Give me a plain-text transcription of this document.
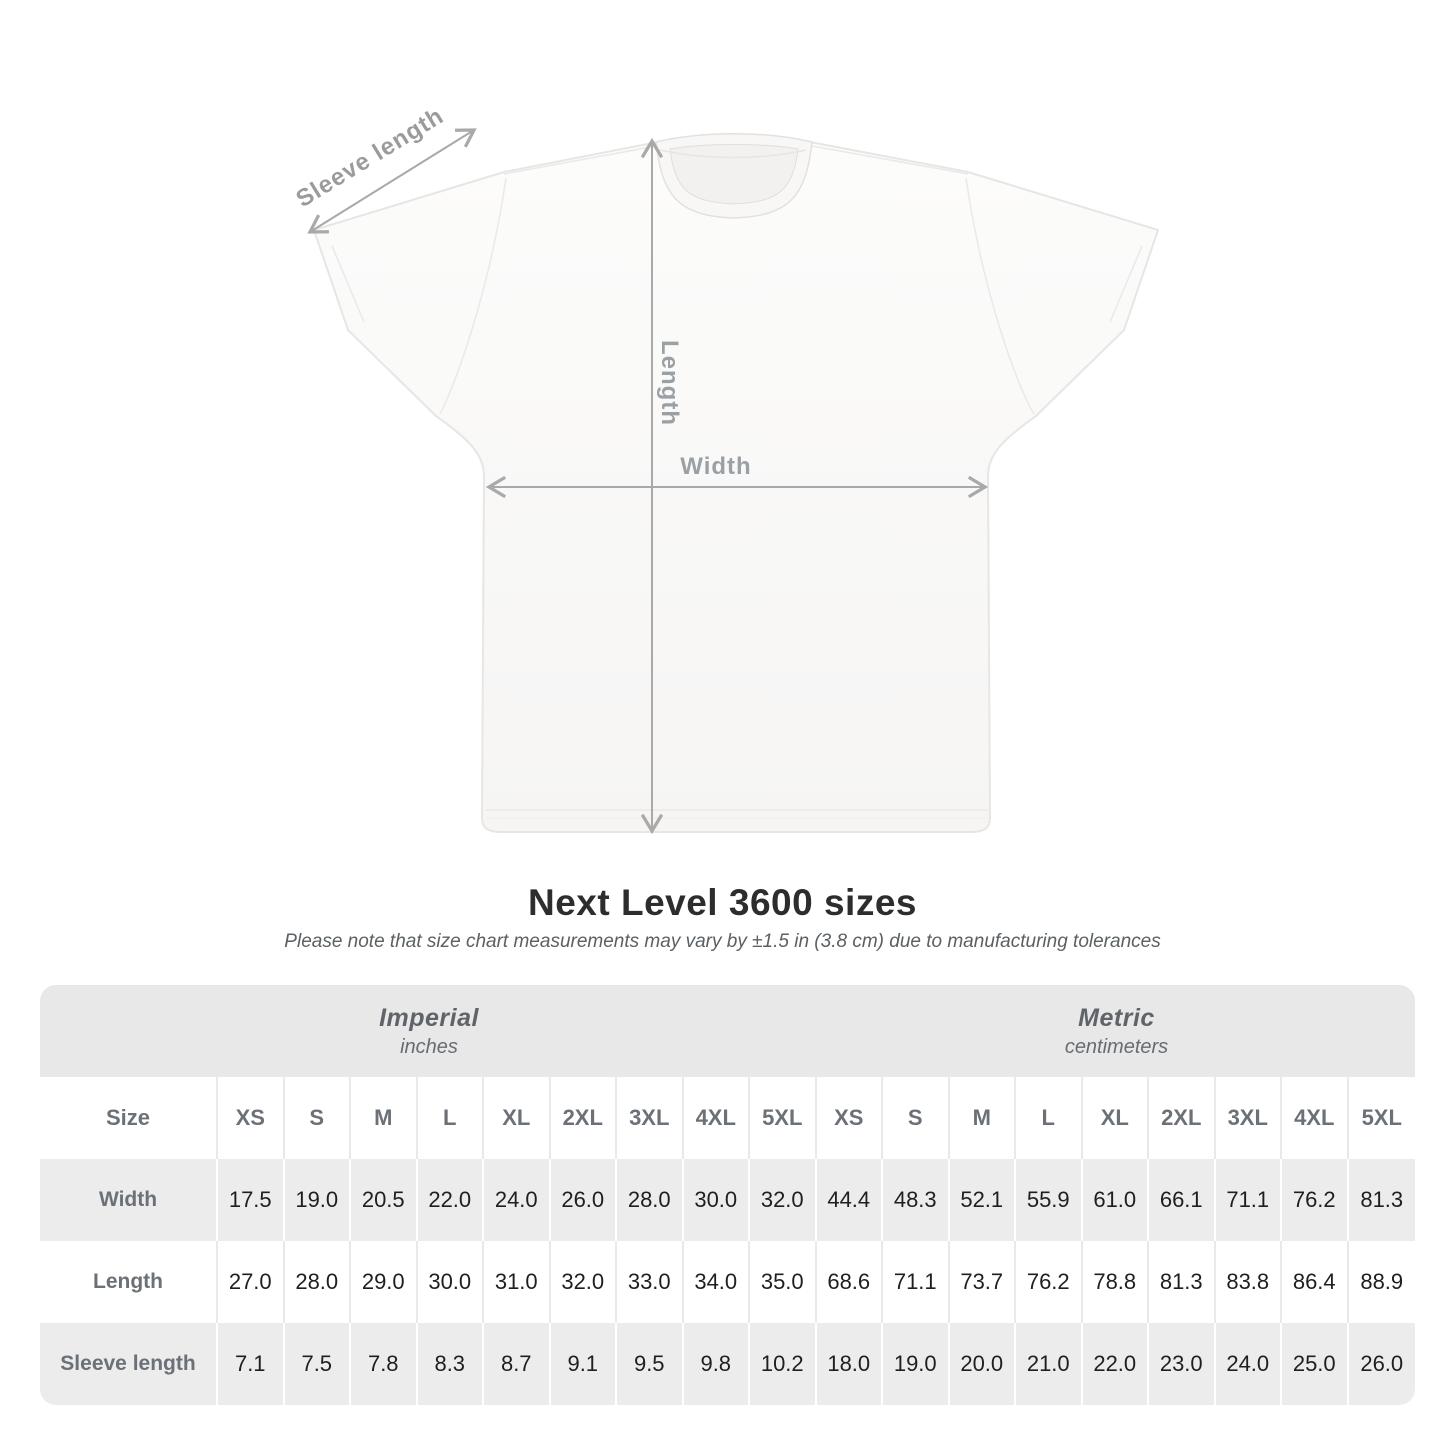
Width
Length
Sleeve length
Next Level 3600 sizes
Please note that size chart measurements may vary by ±1.5 in (3.8 cm) due to manufacturing tolerances
Imperial
inches
Metric
centimeters
Size	XS	S	M	L	XL	2XL	3XL	4XL	5XL	XS	S	M	L	XL	2XL	3XL	4XL	5XL
Width	17.5	19.0	20.5	22.0	24.0	26.0	28.0	30.0	32.0	44.4	48.3	52.1	55.9	61.0	66.1	71.1	76.2	81.3
Length	27.0	28.0	29.0	30.0	31.0	32.0	33.0	34.0	35.0	68.6	71.1	73.7	76.2	78.8	81.3	83.8	86.4	88.9
Sleeve length	7.1	7.5	7.8	8.3	8.7	9.1	9.5	9.8	10.2	18.0	19.0	20.0	21.0	22.0	23.0	24.0	25.0	26.0
